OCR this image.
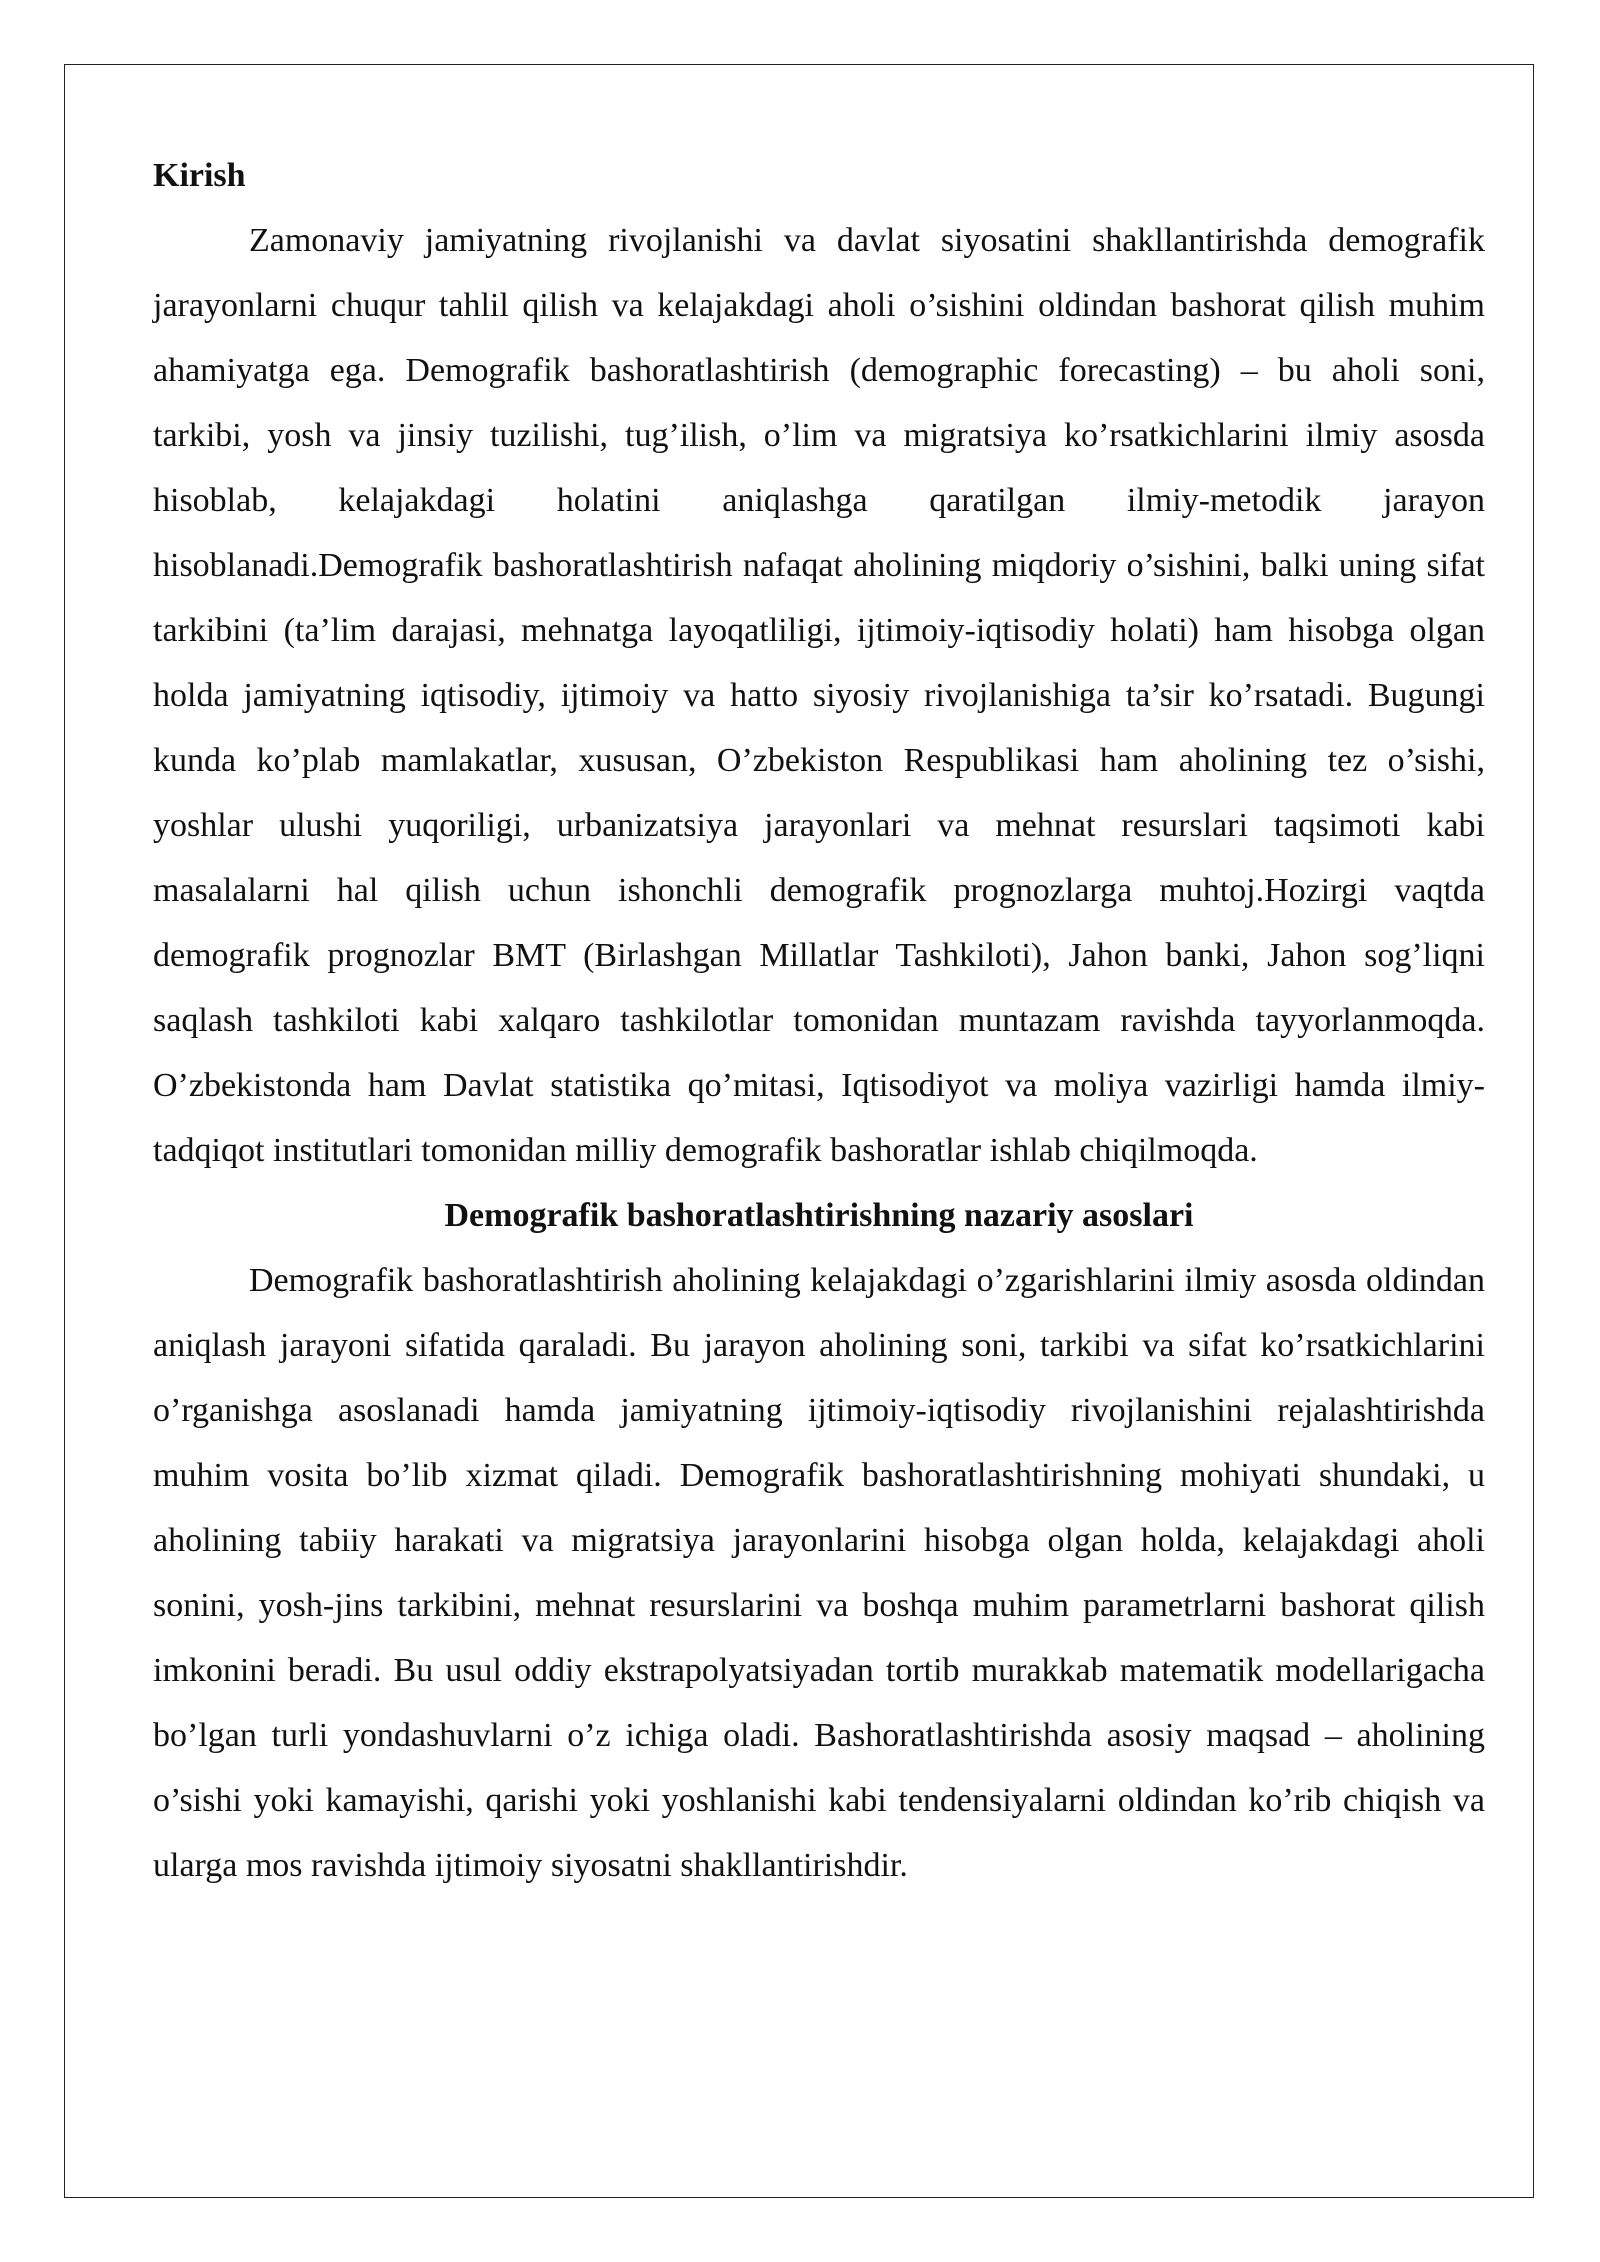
Kirish

Zamonaviy jamiyatning rivojlanishi va davlat siyosatini shakllantirishda demografik jarayonlarni chuqur tahlil qilish va kelajakdagi aholi o’sishini oldindan bashorat qilish muhim ahamiyatga ega. Demografik bashoratlashtirish (demographic forecasting) – bu aholi soni, tarkibi, yosh va jinsiy tuzilishi, tug’ilish, o’lim va migratsiya ko’rsatkichlarini ilmiy asosda hisoblab, kelajakdagi holatini aniqlashga qaratilgan ilmiy-metodik jarayon hisoblanadi.Demografik bashoratlashtirish nafaqat aholining miqdoriy o’sishini, balki uning sifat tarkibini (ta’lim darajasi, mehnatga layoqatliligi, ijtimoiy-iqtisodiy holati) ham hisobga olgan holda jamiyatning iqtisodiy, ijtimoiy va hatto siyosiy rivojlanishiga ta’sir ko’rsatadi. Bugungi kunda ko’plab mamlakatlar, xususan, O’zbekiston Respublikasi ham aholining tez o’sishi, yoshlar ulushi yuqoriligi, urbanizatsiya jarayonlari va mehnat resurslari taqsimoti kabi masalalarni hal qilish uchun ishonchli demografik prognozlarga muhtoj.Hozirgi vaqtda demografik prognozlar BMT (Birlashgan Millatlar Tashkiloti), Jahon banki, Jahon sog’liqni saqlash tashkiloti kabi xalqaro tashkilotlar tomonidan muntazam ravishda tayyorlanmoqda. O’zbekistonda ham Davlat statistika qo’mitasi, Iqtisodiyot va moliya vazirligi hamda ilmiy-tadqiqot institutlari tomonidan milliy demografik bashoratlar ishlab chiqilmoqda.

Demografik bashoratlashtirishning nazariy asoslari

Demografik bashoratlashtirish aholining kelajakdagi o’zgarishlarini ilmiy asosda oldindan aniqlash jarayoni sifatida qaraladi. Bu jarayon aholining soni, tarkibi va sifat ko’rsatkichlarini o’rganishga asoslanadi hamda jamiyatning ijtimoiy-iqtisodiy rivojlanishini rejalashtirishda muhim vosita bo’lib xizmat qiladi. Demografik bashoratlashtirishning mohiyati shundaki, u aholining tabiiy harakati va migratsiya jarayonlarini hisobga olgan holda, kelajakdagi aholi sonini, yosh-jins tarkibini, mehnat resurslarini va boshqa muhim parametrlarni bashorat qilish imkonini beradi. Bu usul oddiy ekstrapolyatsiyadan tortib murakkab matematik modellarigacha bo’lgan turli yondashuvlarni o’z ichiga oladi. Bashoratlashtirishda asosiy maqsad – aholining o’sishi yoki kamayishi, qarishi yoki yoshlanishi kabi tendensiyalarni oldindan ko’rib chiqish va ularga mos ravishda ijtimoiy siyosatni shakllantirishdir.
